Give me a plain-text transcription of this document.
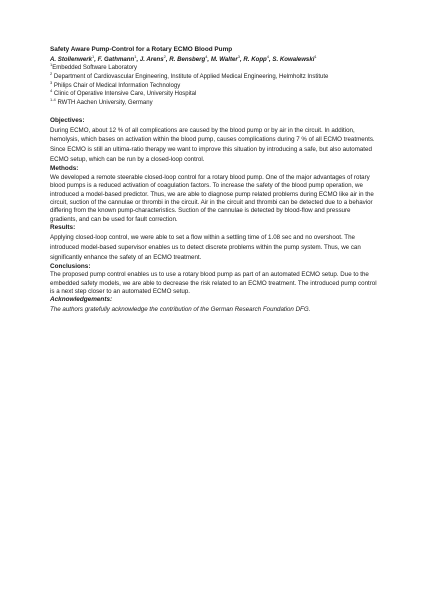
Safety Aware Pump-Control for a Rotary ECMO Blood Pump
A. Stollenwerk$^1$, F. Gathmann$^1$, J. Arens$^2$, R. Bensberg$^4$, M. Walter$^3$, R. Kopp$^4$, S. Kowalewski$^1$
$^1$Embedded Software Laboratory
$^2$ Department of Cardiovascular Engineering, Institute of Applied Medical Engineering, Helmholtz Institute
$^3$ Philips Chair of Medical Information Technology
$^4$ Clinic of Operative Intensive Care, University Hospital
$^{1-4}$ RWTH Aachen University, Germany
Objectives:
During ECMO, about 12 % of all complications are caused by the blood pump or by air in the circuit. In addition, hemolysis, which bases on activation within the blood pump, causes complications during 7 % of all ECMO treatments. Since ECMO is still an ultima-ratio therapy we want to improve this situation by introducing a safe, but also automated ECMO setup, which can be run by a closed-loop control.
Methods:
We developed a remote steerable closed-loop control for a rotary blood pump. One of the major advantages of rotary blood pumps is a reduced activation of coagulation factors. To increase the safety of the blood pump operation, we introduced a model-based predictor. Thus, we are able to diagnose pump related problems during ECMO like air in the circuit, suction of the cannulae or thrombi in the circuit. Air in the circuit and thrombi can be detected due to a behavior differing from the known pump-characteristics. Suction of the cannulae is detected by blood-flow and pressure gradients, and can be used for fault correction.
Results:
Applying closed-loop control, we were able to set a flow within a settling time of 1.08 sec and no overshoot. The introduced model-based supervisor enables us to detect discrete problems within the pump system. Thus, we can significantly enhance the safety of an ECMO treatment.
Conclusions:
The proposed pump control enables us to use a rotary blood pump as part of an automated ECMO setup. Due to the embedded safety models, we are able to decrease the risk related to an ECMO treatment. The introduced pump control is a next step closer to an automated ECMO setup.
Acknowledgements:
The authors gratefully acknowledge the contribution of the German Research Foundation DFG.
